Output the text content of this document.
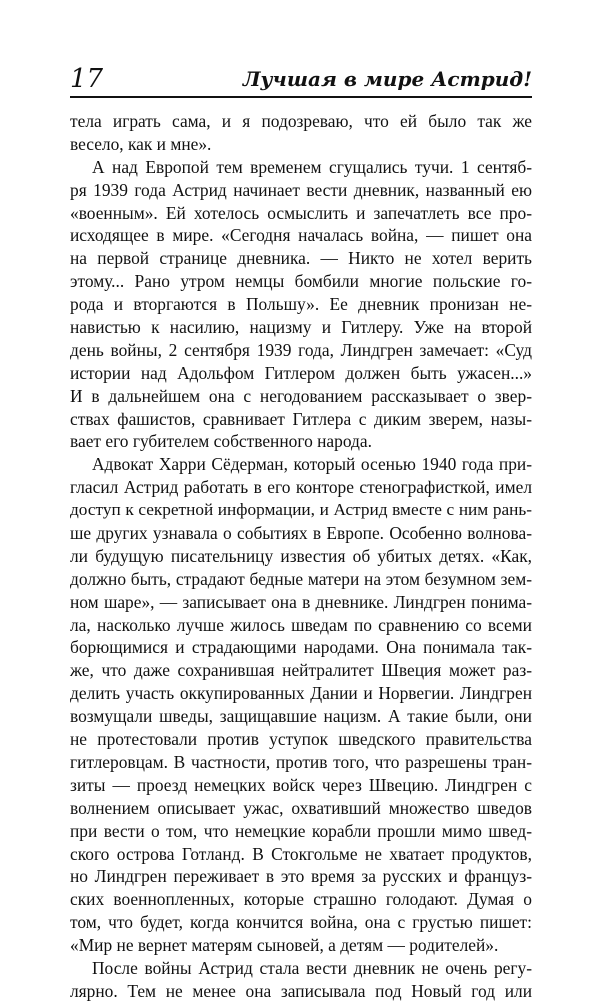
17	Лучшая в мире Астрид!
тела играть сама, и я подозреваю, что ей было так же
весело, как и мне».
А над Европой тем временем сгущались тучи. 1 сентяб-
ря 1939 года Астрид начинает вести дневник, названный ею
«военным». Ей хотелось осмыслить и запечатлеть все про-
исходящее в мире. «Сегодня началась война, — пишет она
на первой странице дневника. — Никто не хотел верить
этому... Рано утром немцы бомбили многие польские го-
рода и вторгаются в Польшу». Ее дневник пронизан не-
навистью к насилию, нацизму и Гитлеру. Уже на второй
день войны, 2 сентября 1939 года, Линдгрен замечает: «Суд
истории над Адольфом Гитлером должен быть ужасен...»
И в дальнейшем она с негодованием рассказывает о звер-
ствах фашистов, сравнивает Гитлера с диким зверем, назы-
вает его губителем собственного народа.
Адвокат Харри Сёдерман, который осенью 1940 года при-
гласил Астрид работать в его конторе стенографисткой, имел
доступ к секретной информации, и Астрид вместе с ним рань-
ше других узнавала о событиях в Европе. Особенно волнова-
ли будущую писательницу известия об убитых детях. «Как,
должно быть, страдают бедные матери на этом безумном зем-
ном шаре», — записывает она в дневнике. Линдгрен понима-
ла, насколько лучше жилось шведам по сравнению со всеми
борющимися и страдающими народами. Она понимала так-
же, что даже сохранившая нейтралитет Швеция может раз-
делить участь оккупированных Дании и Норвегии. Линдгрен
возмущали шведы, защищавшие нацизм. А такие были, они
не протестовали против уступок шведского правительства
гитлеровцам. В частности, против того, что разрешены тран-
зиты — проезд немецких войск через Швецию. Линдгрен с
волнением описывает ужас, охвативший множество шведов
при вести о том, что немецкие корабли прошли мимо швед-
ского острова Готланд. В Стокгольме не хватает продуктов,
но Линдгрен переживает в это время за русских и француз-
ских военнопленных, которые страшно голодают. Думая о
том, что будет, когда кончится война, она с грустью пишет:
«Мир не вернет матерям сыновей, а детям — родителей».
После войны Астрид стала вести дневник не очень регу-
лярно. Тем не менее она записывала под Новый год или
